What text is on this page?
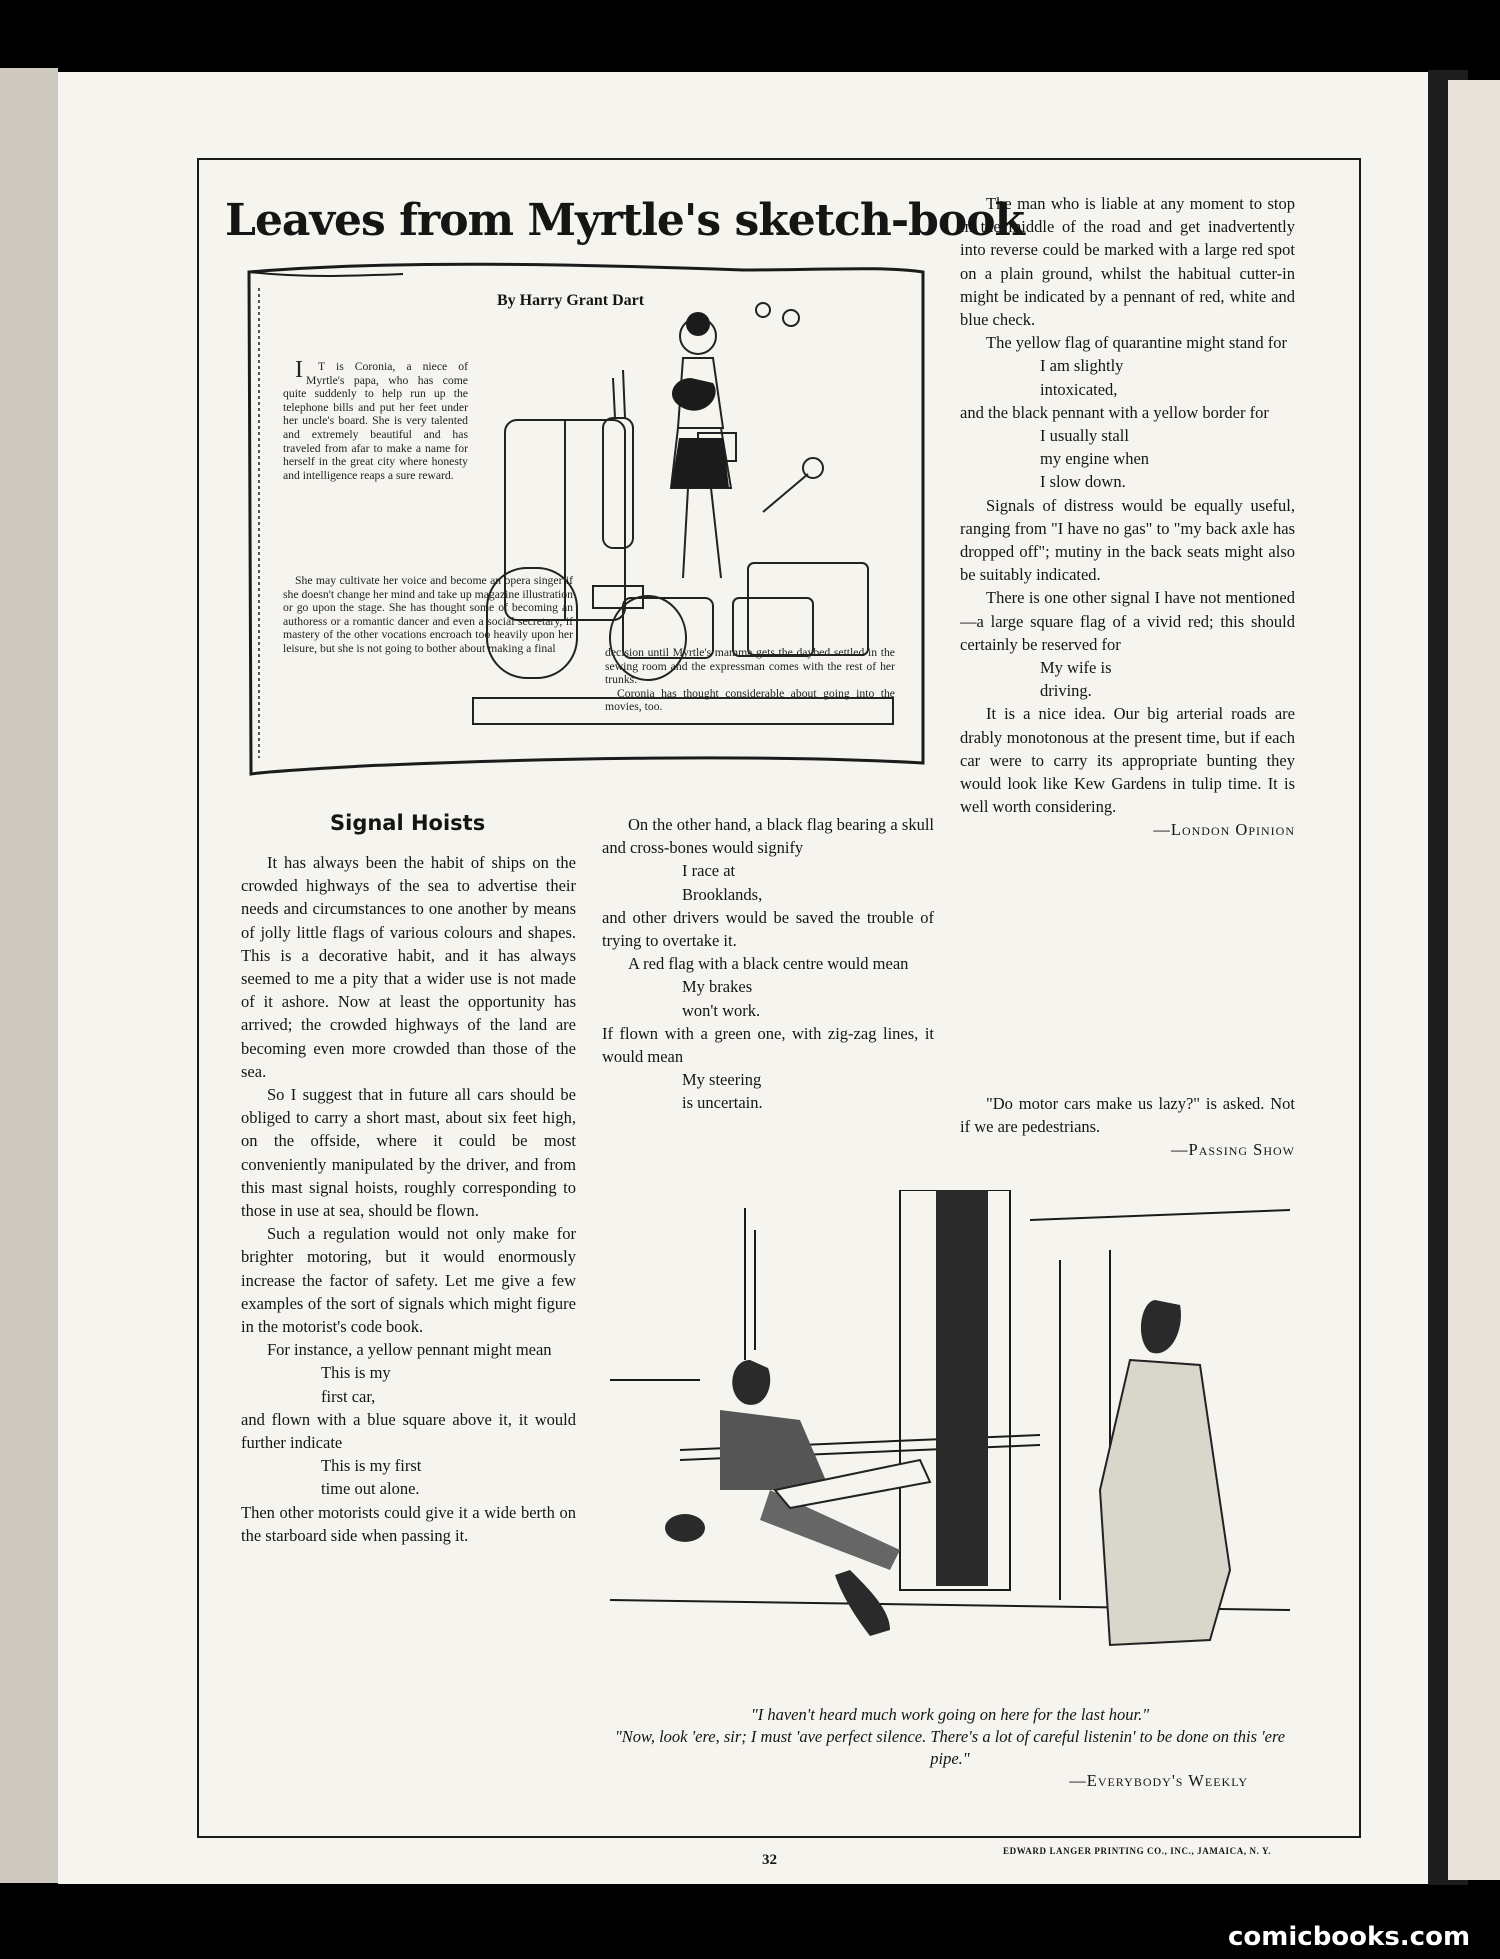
Leaves from Myrtle's sketch-book
By Harry Grant Dart

IT is Coronia, a niece of Myrtle's papa, who has come quite suddenly to help run up the telephone bills and put her feet under her uncle's board. She is very talented and extremely beautiful and has traveled from afar to make a name for herself in the great city where honesty and intelligence reaps a sure reward.

She may cultivate her voice and become an opera singer if she doesn't change her mind and take up magazine illustration or go upon the stage. She has thought some of becoming an authoress or a romantic dancer and even a social secretary, if mastery of the other vocations encroach too heavily upon her leisure, but she is not going to bother about making a final	decision until Myrtle's mamma gets the daybed settled in the sewing room and the expressman comes with the rest of her trunks.

Coronia has thought considerable about going into the movies, too.

Signal Hoists

It has always been the habit of ships on the crowded highways of the sea to advertise their needs and circumstances to one another by means of jolly little flags of various colours and shapes. This is a decorative habit, and it has always seemed to me a pity that a wider use is not made of it ashore. Now at least the opportunity has arrived; the crowded highways of the land are becoming even more crowded than those of the sea.

So I suggest that in future all cars should be obliged to carry a short mast, about six feet high, on the offside, where it could be most conveniently manipulated by the driver, and from this mast signal hoists, roughly corresponding to those in use at sea, should be flown.

Such a regulation would not only make for brighter motoring, but it would enormously increase the factor of safety. Let me give a few examples of the sort of signals which might figure in the motorist's code book.

For instance, a yellow pennant might mean

This is my

first car,

and flown with a blue square above it, it would further indicate

This is my first

time out alone.

Then other motorists could give it a wide berth on the starboard side when passing it.

On the other hand, a black flag bearing a skull and cross-bones would signify

I race at

Brooklands,

and other drivers would be saved the trouble of trying to overtake it.

A red flag with a black centre would mean

My brakes

won't work.

If flown with a green one, with zig-zag lines, it would mean

My steering

is uncertain.

The man who is liable at any moment to stop in the middle of the road and get inadvertently into reverse could be marked with a large red spot on a plain ground, whilst the habitual cutter-in might be indicated by a pennant of red, white and blue check.

The yellow flag of quarantine might stand for

I am slightly

intoxicated,

and the black pennant with a yellow border for

I usually stall

my engine when

I slow down.

Signals of distress would be equally useful, ranging from "I have no gas" to "my back axle has dropped off"; mutiny in the back seats might also be suitably indicated.

There is one other signal I have not mentioned—a large square flag of a vivid red; this should certainly be reserved for

My wife is

driving.

It is a nice idea. Our big arterial roads are drably monotonous at the present time, but if each car were to carry its appropriate bunting they would look like Kew Gardens in tulip time. It is well worth considering.

—London Opinion

"Do motor cars make us lazy?" is asked. Not if we are pedestrians.

—Passing Show

"I haven't heard much work going on here for the last hour."
"Now, look 'ere, sir; I must 'ave perfect silence. There's a lot of careful listenin' to be done on this 'ere pipe."
—Everybody's Weekly
32
EDWARD LANGER PRINTING CO., INC., JAMAICA, N. Y.
comicbooks.com
